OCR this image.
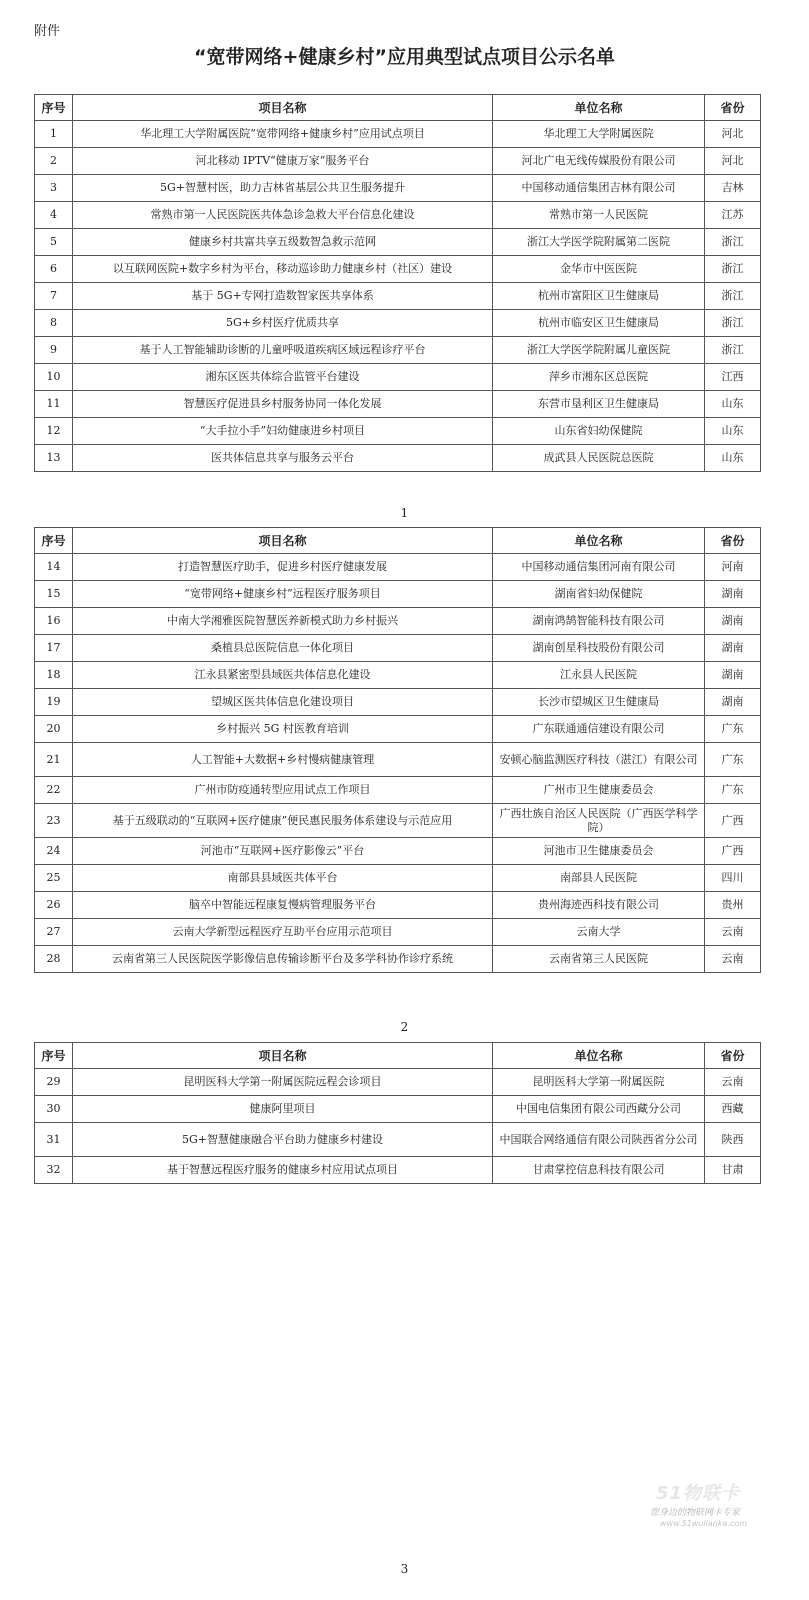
附件
“宽带网络+健康乡村”应用典型试点项目公示名单
序号	项目名称	单位名称	省份
1	华北理工大学附属医院“宽带网络+健康乡村”应用试点项目	华北理工大学附属医院	河北
2	河北移动 IPTV“健康万家”服务平台	河北广电无线传媒股份有限公司	河北
3	5G+智慧村医，助力吉林省基层公共卫生服务提升	中国移动通信集团吉林有限公司	吉林
4	常熟市第一人民医院医共体急诊急救大平台信息化建设	常熟市第一人民医院	江苏
5	健康乡村共富共享五级数智急救示范网	浙江大学医学院附属第二医院	浙江
6	以互联网医院+数字乡村为平台，移动巡诊助力健康乡村（社区）建设	金华市中医医院	浙江
7	基于 5G+专网打造数智家医共享体系	杭州市富阳区卫生健康局	浙江
8	5G+乡村医疗优质共享	杭州市临安区卫生健康局	浙江
9	基于人工智能辅助诊断的儿童呼吸道疾病区域远程诊疗平台	浙江大学医学院附属儿童医院	浙江
10	湘东区医共体综合监管平台建设	萍乡市湘东区总医院	江西
11	智慧医疗促进县乡村服务协同一体化发展	东营市垦利区卫生健康局	山东
12	“大手拉小手”妇幼健康进乡村项目	山东省妇幼保健院	山东
13	医共体信息共享与服务云平台	成武县人民医院总医院	山东
1
序号	项目名称	单位名称	省份
14	打造智慧医疗助手，促进乡村医疗健康发展	中国移动通信集团河南有限公司	河南
15	“宽带网络+健康乡村”远程医疗服务项目	湖南省妇幼保健院	湖南
16	中南大学湘雅医院智慧医养新模式助力乡村振兴	湖南鸿鹄智能科技有限公司	湖南
17	桑植县总医院信息一体化项目	湖南创星科技股份有限公司	湖南
18	江永县紧密型县域医共体信息化建设	江永县人民医院	湖南
19	望城区医共体信息化建设项目	长沙市望城区卫生健康局	湖南
20	乡村振兴 5G 村医教育培训	广东联通通信建设有限公司	广东
21	人工智能+大数据+乡村慢病健康管理	安顿心脑监测医疗科技（湛江）有限公司	广东
22	广州市防疫通转型应用试点工作项目	广州市卫生健康委员会	广东
23	基于五级联动的“互联网+医疗健康”便民惠民服务体系建设与示范应用	广西壮族自治区人民医院（广西医学科学院）	广西
24	河池市“互联网+医疗影像云”平台	河池市卫生健康委员会	广西
25	南部县县域医共体平台	南部县人民医院	四川
26	脑卒中智能远程康复慢病管理服务平台	贵州海迹西科技有限公司	贵州
27	云南大学新型远程医疗互助平台应用示范项目	云南大学	云南
28	云南省第三人民医院医学影像信息传输诊断平台及多学科协作诊疗系统	云南省第三人民医院	云南
2
序号	项目名称	单位名称	省份
29	昆明医科大学第一附属医院远程会诊项目	昆明医科大学第一附属医院	云南
30	健康阿里项目	中国电信集团有限公司西藏分公司	西藏
31	5G+智慧健康融合平台助力健康乡村建设	中国联合网络通信有限公司陕西省分公司	陕西
32	基于智慧远程医疗服务的健康乡村应用试点项目	甘肃掌控信息科技有限公司	甘肃
51物联卡
您身边的物联网卡专家
www.51wulianka.com
3
